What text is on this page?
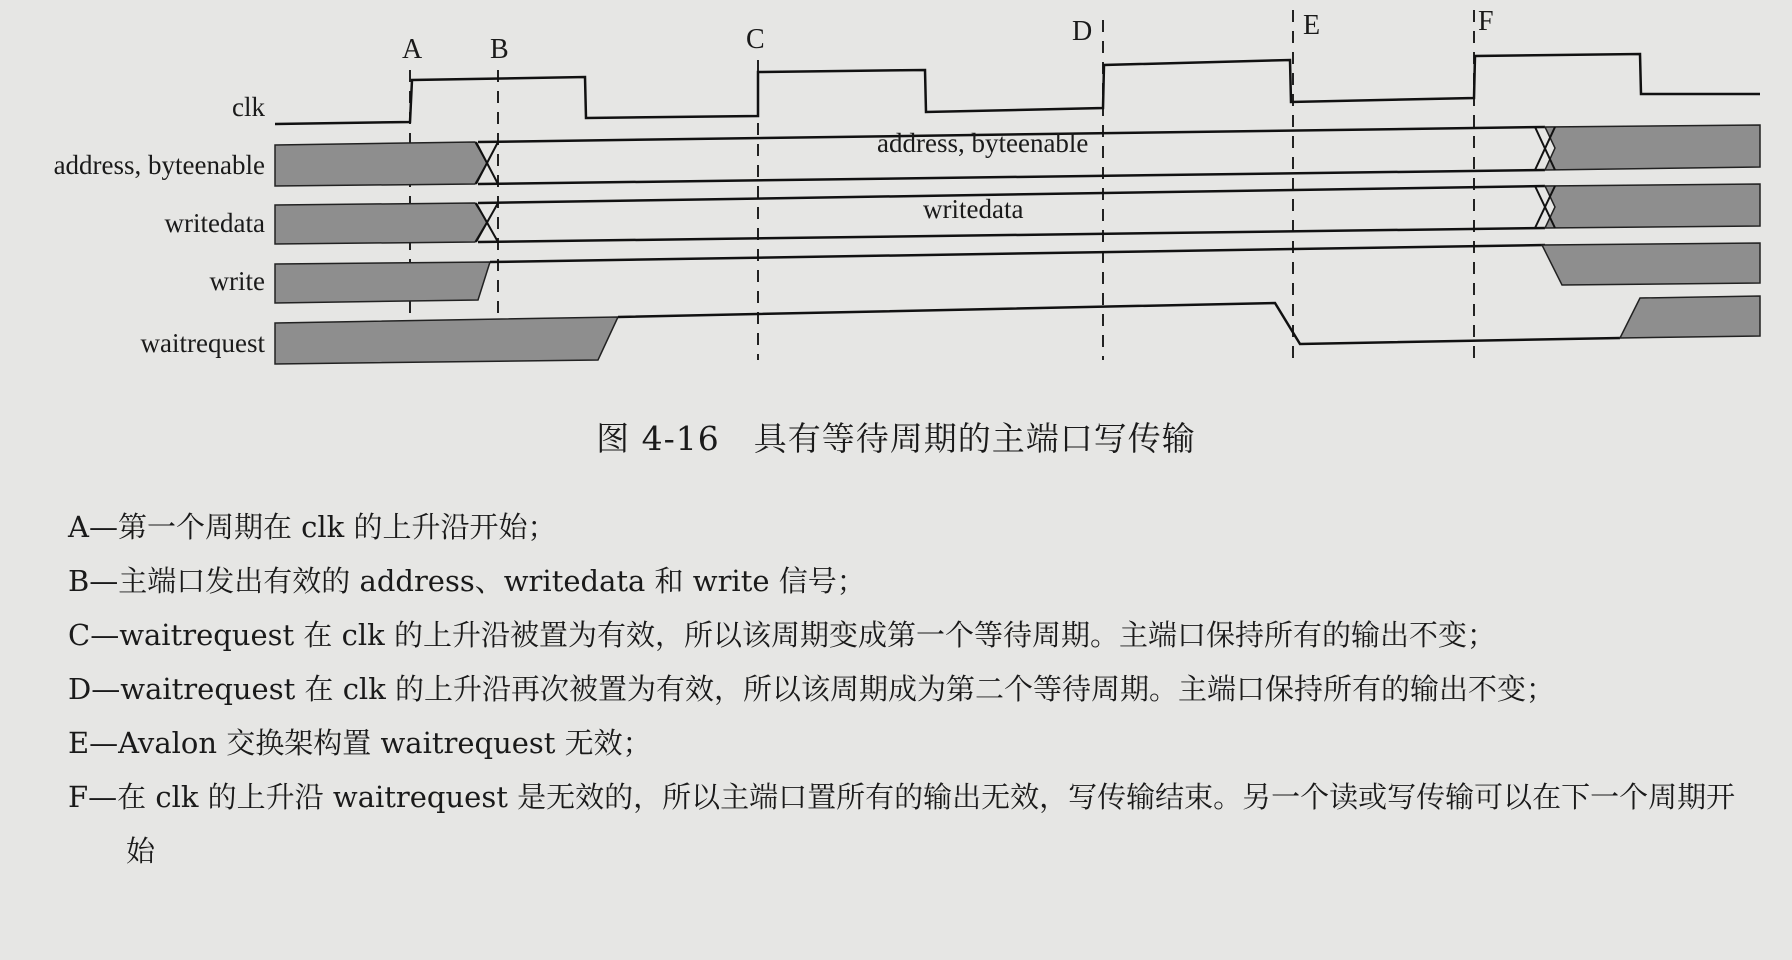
clk
address, byteenable
writedata
write
waitrequest
A B	C	D	E	F
address, byteenable
writedata
图 4-16　具有等待周期的主端口写传输

A—第一个周期在 clk 的上升沿开始；

B—主端口发出有效的 address、writedata 和 write 信号；

C—waitrequest 在 clk 的上升沿被置为有效，所以该周期变成第一个等待周期。主端口保持所有的输出不变；

D—waitrequest 在 clk 的上升沿再次被置为有效，所以该周期成为第二个等待周期。主端口保持所有的输出不变；

E—Avalon 交换架构置 waitrequest 无效；

F—在 clk 的上升沿 waitrequest 是无效的，所以主端口置所有的输出无效，写传输结束。另一个读或写传输可以在下一个周期开始
